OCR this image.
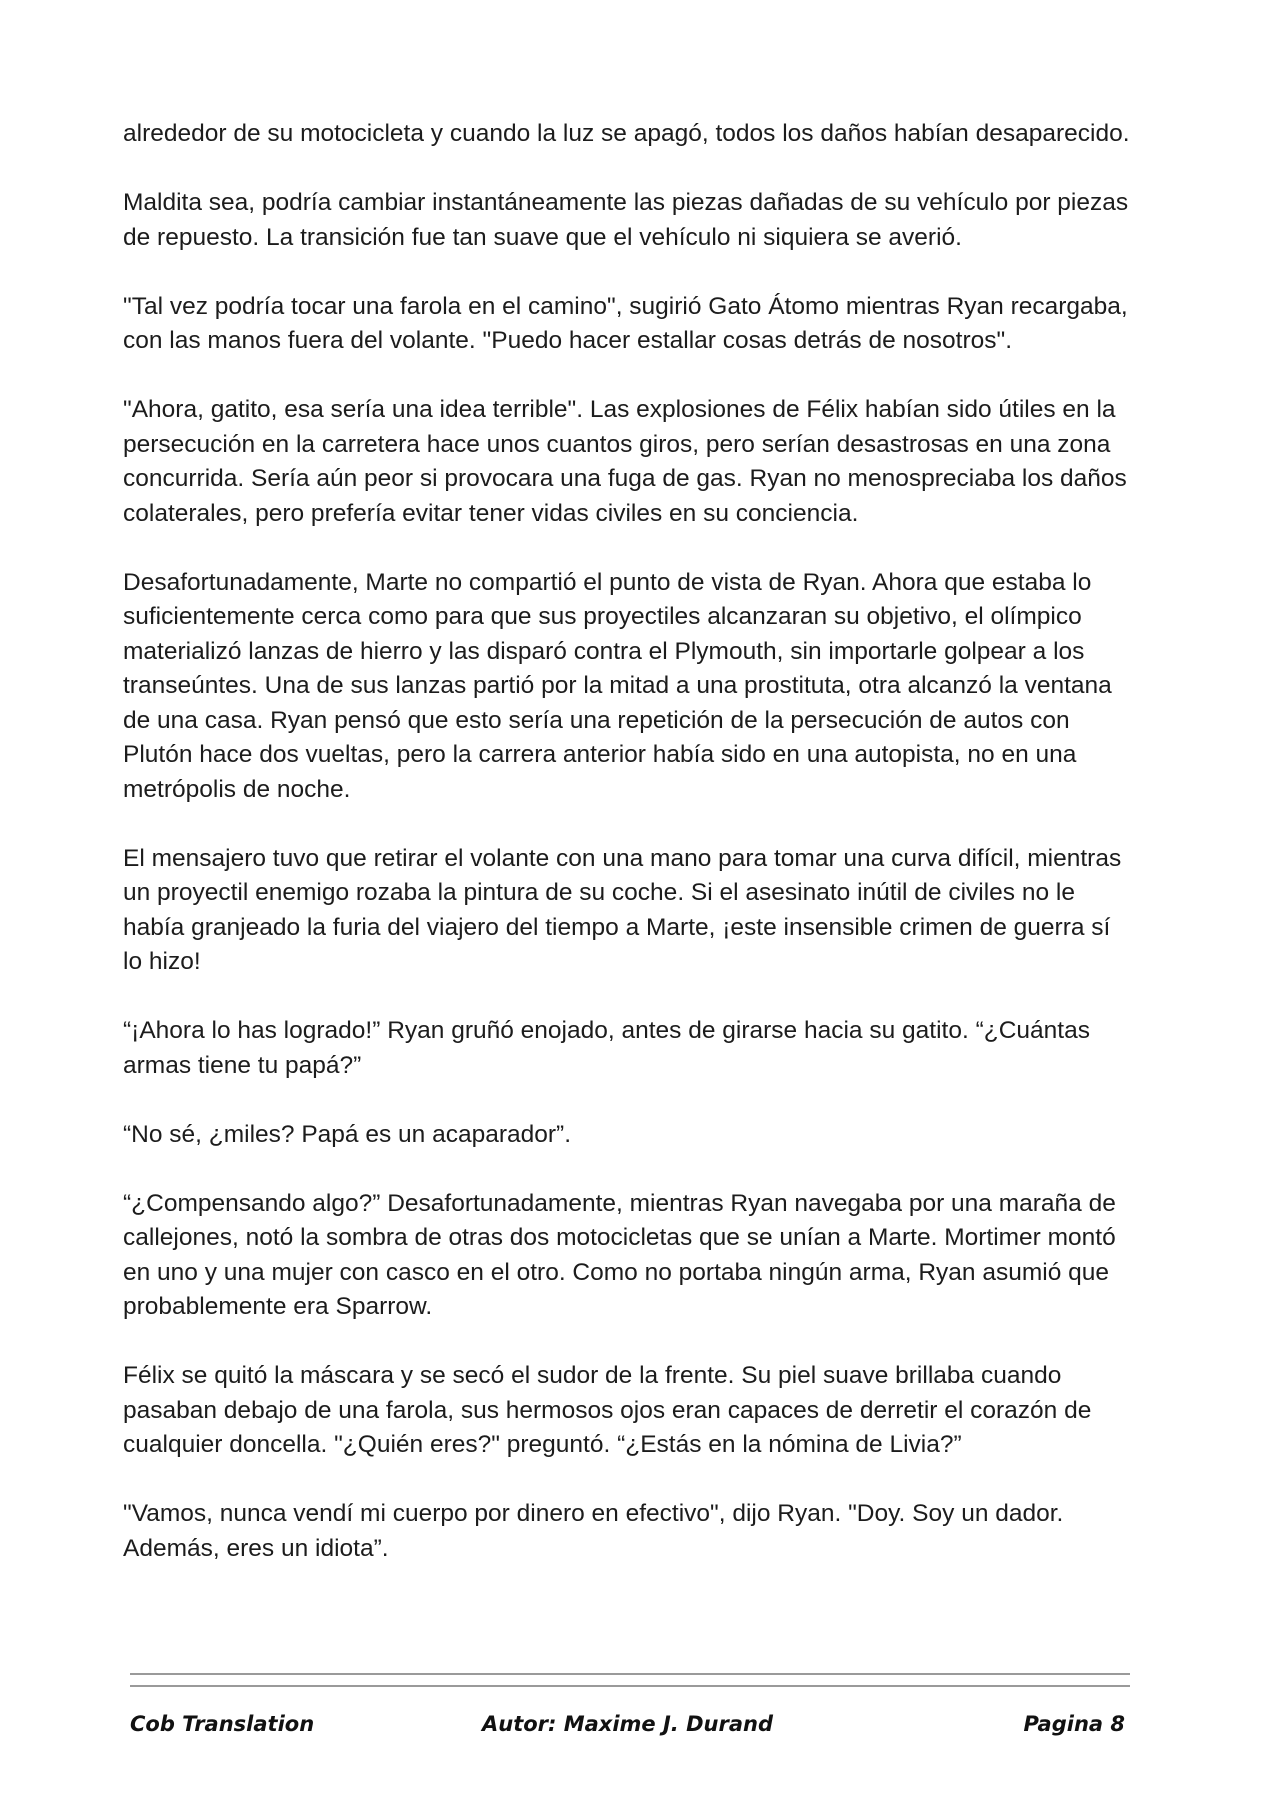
alrededor de su motocicleta y cuando la luz se apagó, todos los daños habían desaparecido.

Maldita sea, podría cambiar instantáneamente las piezas dañadas de su vehículo por piezas de repuesto. La transición fue tan suave que el vehículo ni siquiera se averió.

"Tal vez podría tocar una farola en el camino", sugirió Gato Átomo mientras Ryan recargaba, con las manos fuera del volante. "Puedo hacer estallar cosas detrás de nosotros".

"Ahora, gatito, esa sería una idea terrible". Las explosiones de Félix habían sido útiles en la persecución en la carretera hace unos cuantos giros, pero serían desastrosas en una zona concurrida. Sería aún peor si provocara una fuga de gas. Ryan no menospreciaba los daños colaterales, pero prefería evitar tener vidas civiles en su conciencia.

Desafortunadamente, Marte no compartió el punto de vista de Ryan. Ahora que estaba lo suficientemente cerca como para que sus proyectiles alcanzaran su objetivo, el olímpico materializó lanzas de hierro y las disparó contra el Plymouth, sin importarle golpear a los transeúntes. Una de sus lanzas partió por la mitad a una prostituta, otra alcanzó la ventana de una casa. Ryan pensó que esto sería una repetición de la persecución de autos con Plutón hace dos vueltas, pero la carrera anterior había sido en una autopista, no en una metrópolis de noche.

El mensajero tuvo que retirar el volante con una mano para tomar una curva difícil, mientras un proyectil enemigo rozaba la pintura de su coche. Si el asesinato inútil de civiles no le había granjeado la furia del viajero del tiempo a Marte, ¡este insensible crimen de guerra sí lo hizo!

“¡Ahora lo has logrado!” Ryan gruñó enojado, antes de girarse hacia su gatito. “¿Cuántas armas tiene tu papá?”

“No sé, ¿miles? Papá es un acaparador”.

“¿Compensando algo?” Desafortunadamente, mientras Ryan navegaba por una maraña de callejones, notó la sombra de otras dos motocicletas que se unían a Marte. Mortimer montó en uno y una mujer con casco en el otro. Como no portaba ningún arma, Ryan asumió que probablemente era Sparrow.

Félix se quitó la máscara y se secó el sudor de la frente. Su piel suave brillaba cuando pasaban debajo de una farola, sus hermosos ojos eran capaces de derretir el corazón de cualquier doncella. "¿Quién eres?" preguntó. “¿Estás en la nómina de Livia?”

"Vamos, nunca vendí mi cuerpo por dinero en efectivo", dijo Ryan. "Doy. Soy un dador. Además, eres un idiota”.

Cob Translation	Autor: Maxime J. Durand	Pagina 8
